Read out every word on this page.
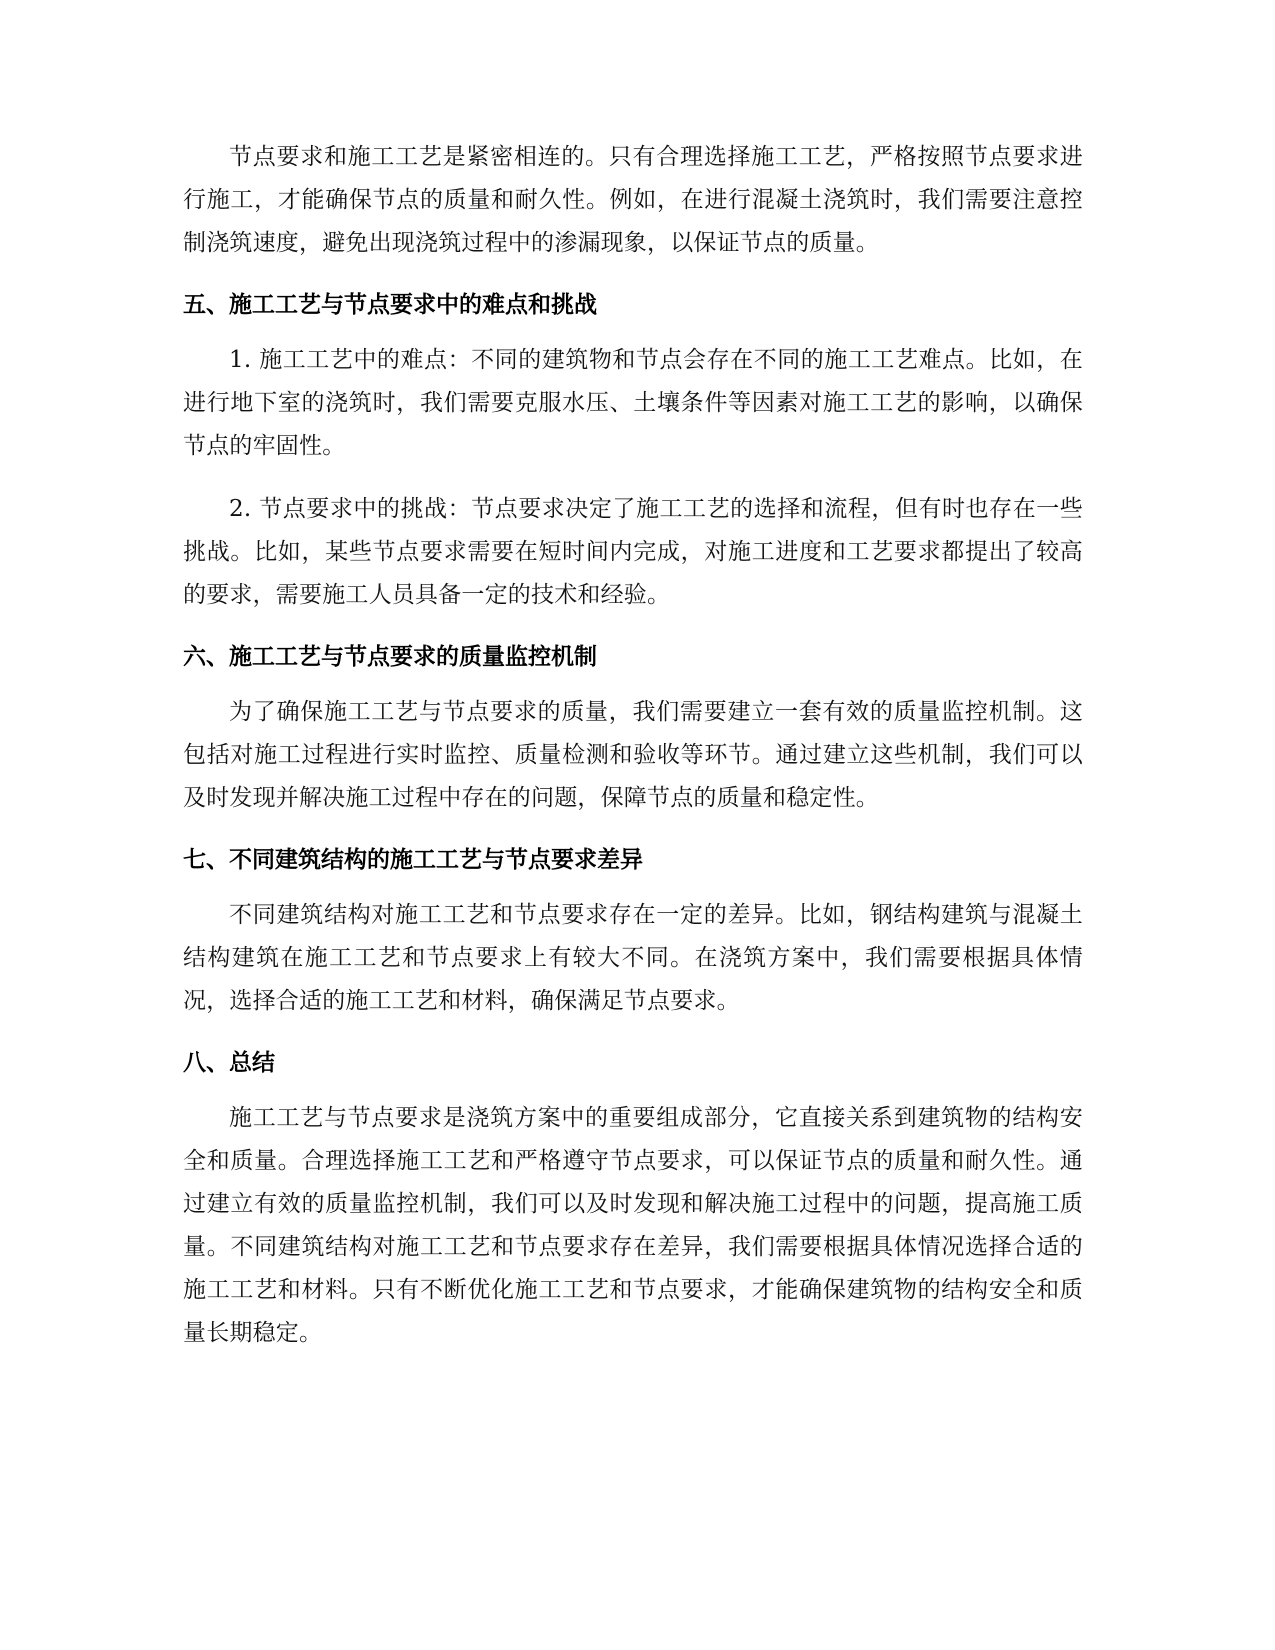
节点要求和施工工艺是紧密相连的。只有合理选择施工工艺，严格按照节点要求进行施工，才能确保节点的质量和耐久性。例如，在进行混凝土浇筑时，我们需要注意控制浇筑速度，避免出现浇筑过程中的渗漏现象，以保证节点的质量。

五、施工工艺与节点要求中的难点和挑战

1. 施工工艺中的难点：不同的建筑物和节点会存在不同的施工工艺难点。比如，在进行地下室的浇筑时，我们需要克服水压、土壤条件等因素对施工工艺的影响，以确保节点的牢固性。

2. 节点要求中的挑战：节点要求决定了施工工艺的选择和流程，但有时也存在一些挑战。比如，某些节点要求需要在短时间内完成，对施工进度和工艺要求都提出了较高的要求，需要施工人员具备一定的技术和经验。

六、施工工艺与节点要求的质量监控机制

为了确保施工工艺与节点要求的质量，我们需要建立一套有效的质量监控机制。这包括对施工过程进行实时监控、质量检测和验收等环节。通过建立这些机制，我们可以及时发现并解决施工过程中存在的问题，保障节点的质量和稳定性。

七、不同建筑结构的施工工艺与节点要求差异

不同建筑结构对施工工艺和节点要求存在一定的差异。比如，钢结构建筑与混凝土结构建筑在施工工艺和节点要求上有较大不同。在浇筑方案中，我们需要根据具体情况，选择合适的施工工艺和材料，确保满足节点要求。

八、总结

施工工艺与节点要求是浇筑方案中的重要组成部分，它直接关系到建筑物的结构安全和质量。合理选择施工工艺和严格遵守节点要求，可以保证节点的质量和耐久性。通过建立有效的质量监控机制，我们可以及时发现和解决施工过程中的问题，提高施工质量。不同建筑结构对施工工艺和节点要求存在差异，我们需要根据具体情况选择合适的施工工艺和材料。只有不断优化施工工艺和节点要求，才能确保建筑物的结构安全和质量长期稳定。
